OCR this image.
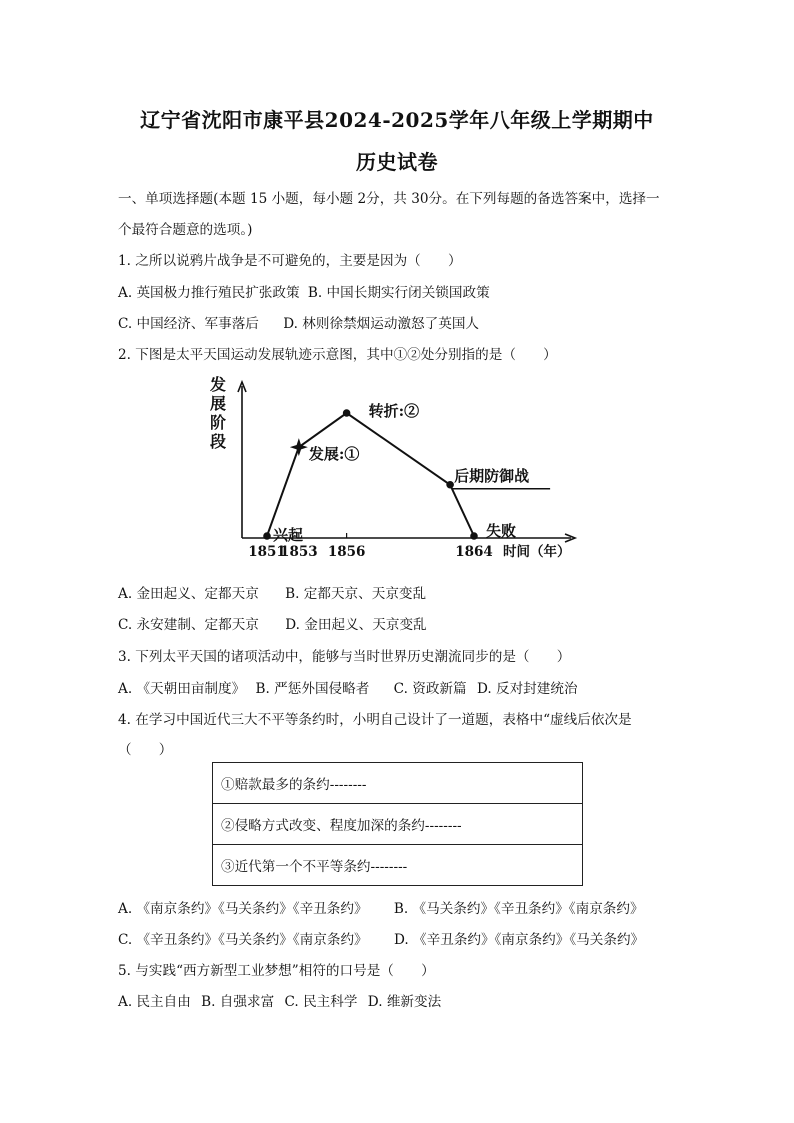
辽宁省沈阳市康平县2024-2025学年八年级上学期期中
历史试卷
一、单项选择题(本题 15 小题，每小题 2分，共 30分。在下列每题的备选答案中，选择一
个最符合题意的选项。)
1. 之所以说鸦片战争是不可避免的，主要是因为（　　）
A. 英国极力推行殖民扩张政策 B. 中国长期实行闭关锁国政策
C. 中国经济、军事落后 D. 林则徐禁烟运动激怒了英国人
2. 下图是太平天国运动发展轨迹示意图，其中①②处分别指的是（　　）
发
展
阶
段
1851
1853 1856	1864 时间（年）
兴起
发展:①
转折:②
后期防御战
失败
A. 金田起义、定都天京 B. 定都天京、天京变乱
C. 永安建制、定都天京 D. 金田起义、天京变乱
3. 下列太平天国的诸项活动中，能够与当时世界历史潮流同步的是（　　）
A. 《天朝田亩制度》 B. 严惩外国侵略者 C. 资政新篇 D. 反对封建统治
4. 在学习中国近代三大不平等条约时，小明自己设计了一道题，表格中“虚线后依次是
（　　）
①赔款最多的条约--------
②侵略方式改变、程度加深的条约--------
③近代第一个不平等条约--------
A. 《南京条约》《马关条约》《辛丑条约》 B. 《马关条约》《辛丑条约》《南京条约》
C. 《辛丑条约》《马关条约》《南京条约》 D. 《辛丑条约》《南京条约》《马关条约》
5. 与实践“西方新型工业梦想”相符的口号是（　　）
A. 民主自由 B. 自强求富 C. 民主科学 D. 维新变法
